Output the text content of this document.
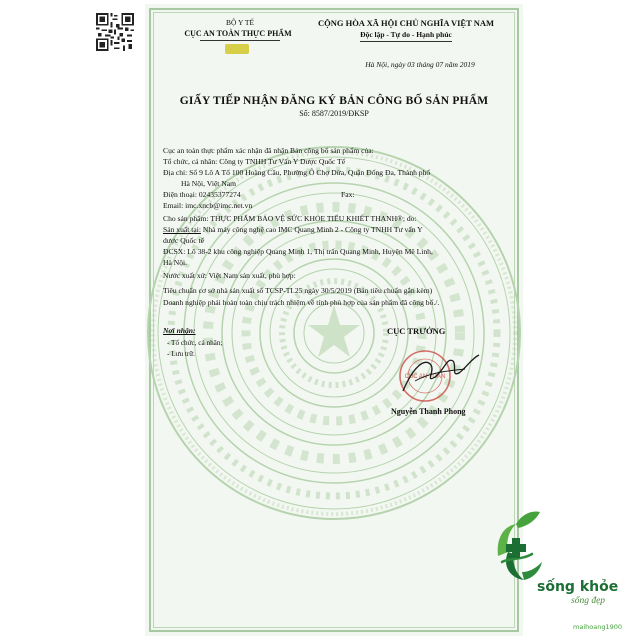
BỘ Y TẾ
CỤC AN TOÀN THỰC PHẨM
CỘNG HÒA XÃ HỘI CHỦ NGHĨA VIỆT NAM
Độc lập - Tự do - Hạnh phúc
Hà Nội, ngày 03 tháng 07 năm 2019
GIẤY TIẾP NHẬN ĐĂNG KÝ BẢN CÔNG BỐ SẢN PHẨM
Số: 8587/2019/ĐKSP
Cục an toàn thực phẩm xác nhận đã nhận Bản công bố sản phẩm của:
Tổ chức, cá nhân: Công ty TNHH Tư Vấn Y Dược Quốc Tế
Địa chỉ: Số 9 Lô A Tổ 100 Hoàng Cầu, Phường Ô Chợ Dừa, Quận Đống Đa, Thành phố
Hà Nội, Việt Nam
Điện thoại: 02435377274	Fax:
Email: imc.xncb@imc.net.vn
Cho sản phẩm: THỰC PHẨM BẢO VỆ SỨC KHỎE TIỂU KHIẾT THANH®; do:
Sản xuất tại: Nhà máy công nghệ cao IMC Quang Minh 2 - Công ty TNHH Tư vấn Y
dược Quốc tế
ĐCSX: Lô 38-2 khu công nghiệp Quang Minh 1, Thị trấn Quang Minh, Huyện Mê Linh,
Hà Nội.
Nước xuất xứ: Việt Nam sản xuất, phù hợp:
Tiêu chuẩn cơ sở nhà sản xuất số TCSP-TI.25 ngày 30/5/2019 (Bản tiêu chuẩn gắn kèm)
Doanh nghiệp phải hoàn toàn chịu trách nhiệm về tính phù hợp của sản phẩm đã công bố./.
Nơi nhận:
- Tổ chức, cá nhân;
- Lưu trữ.
CỤC TRƯỞNG
CỤC AN TOÀN
Nguyễn Thanh Phong
sống khỏe
sống đẹp
maihoang1900
